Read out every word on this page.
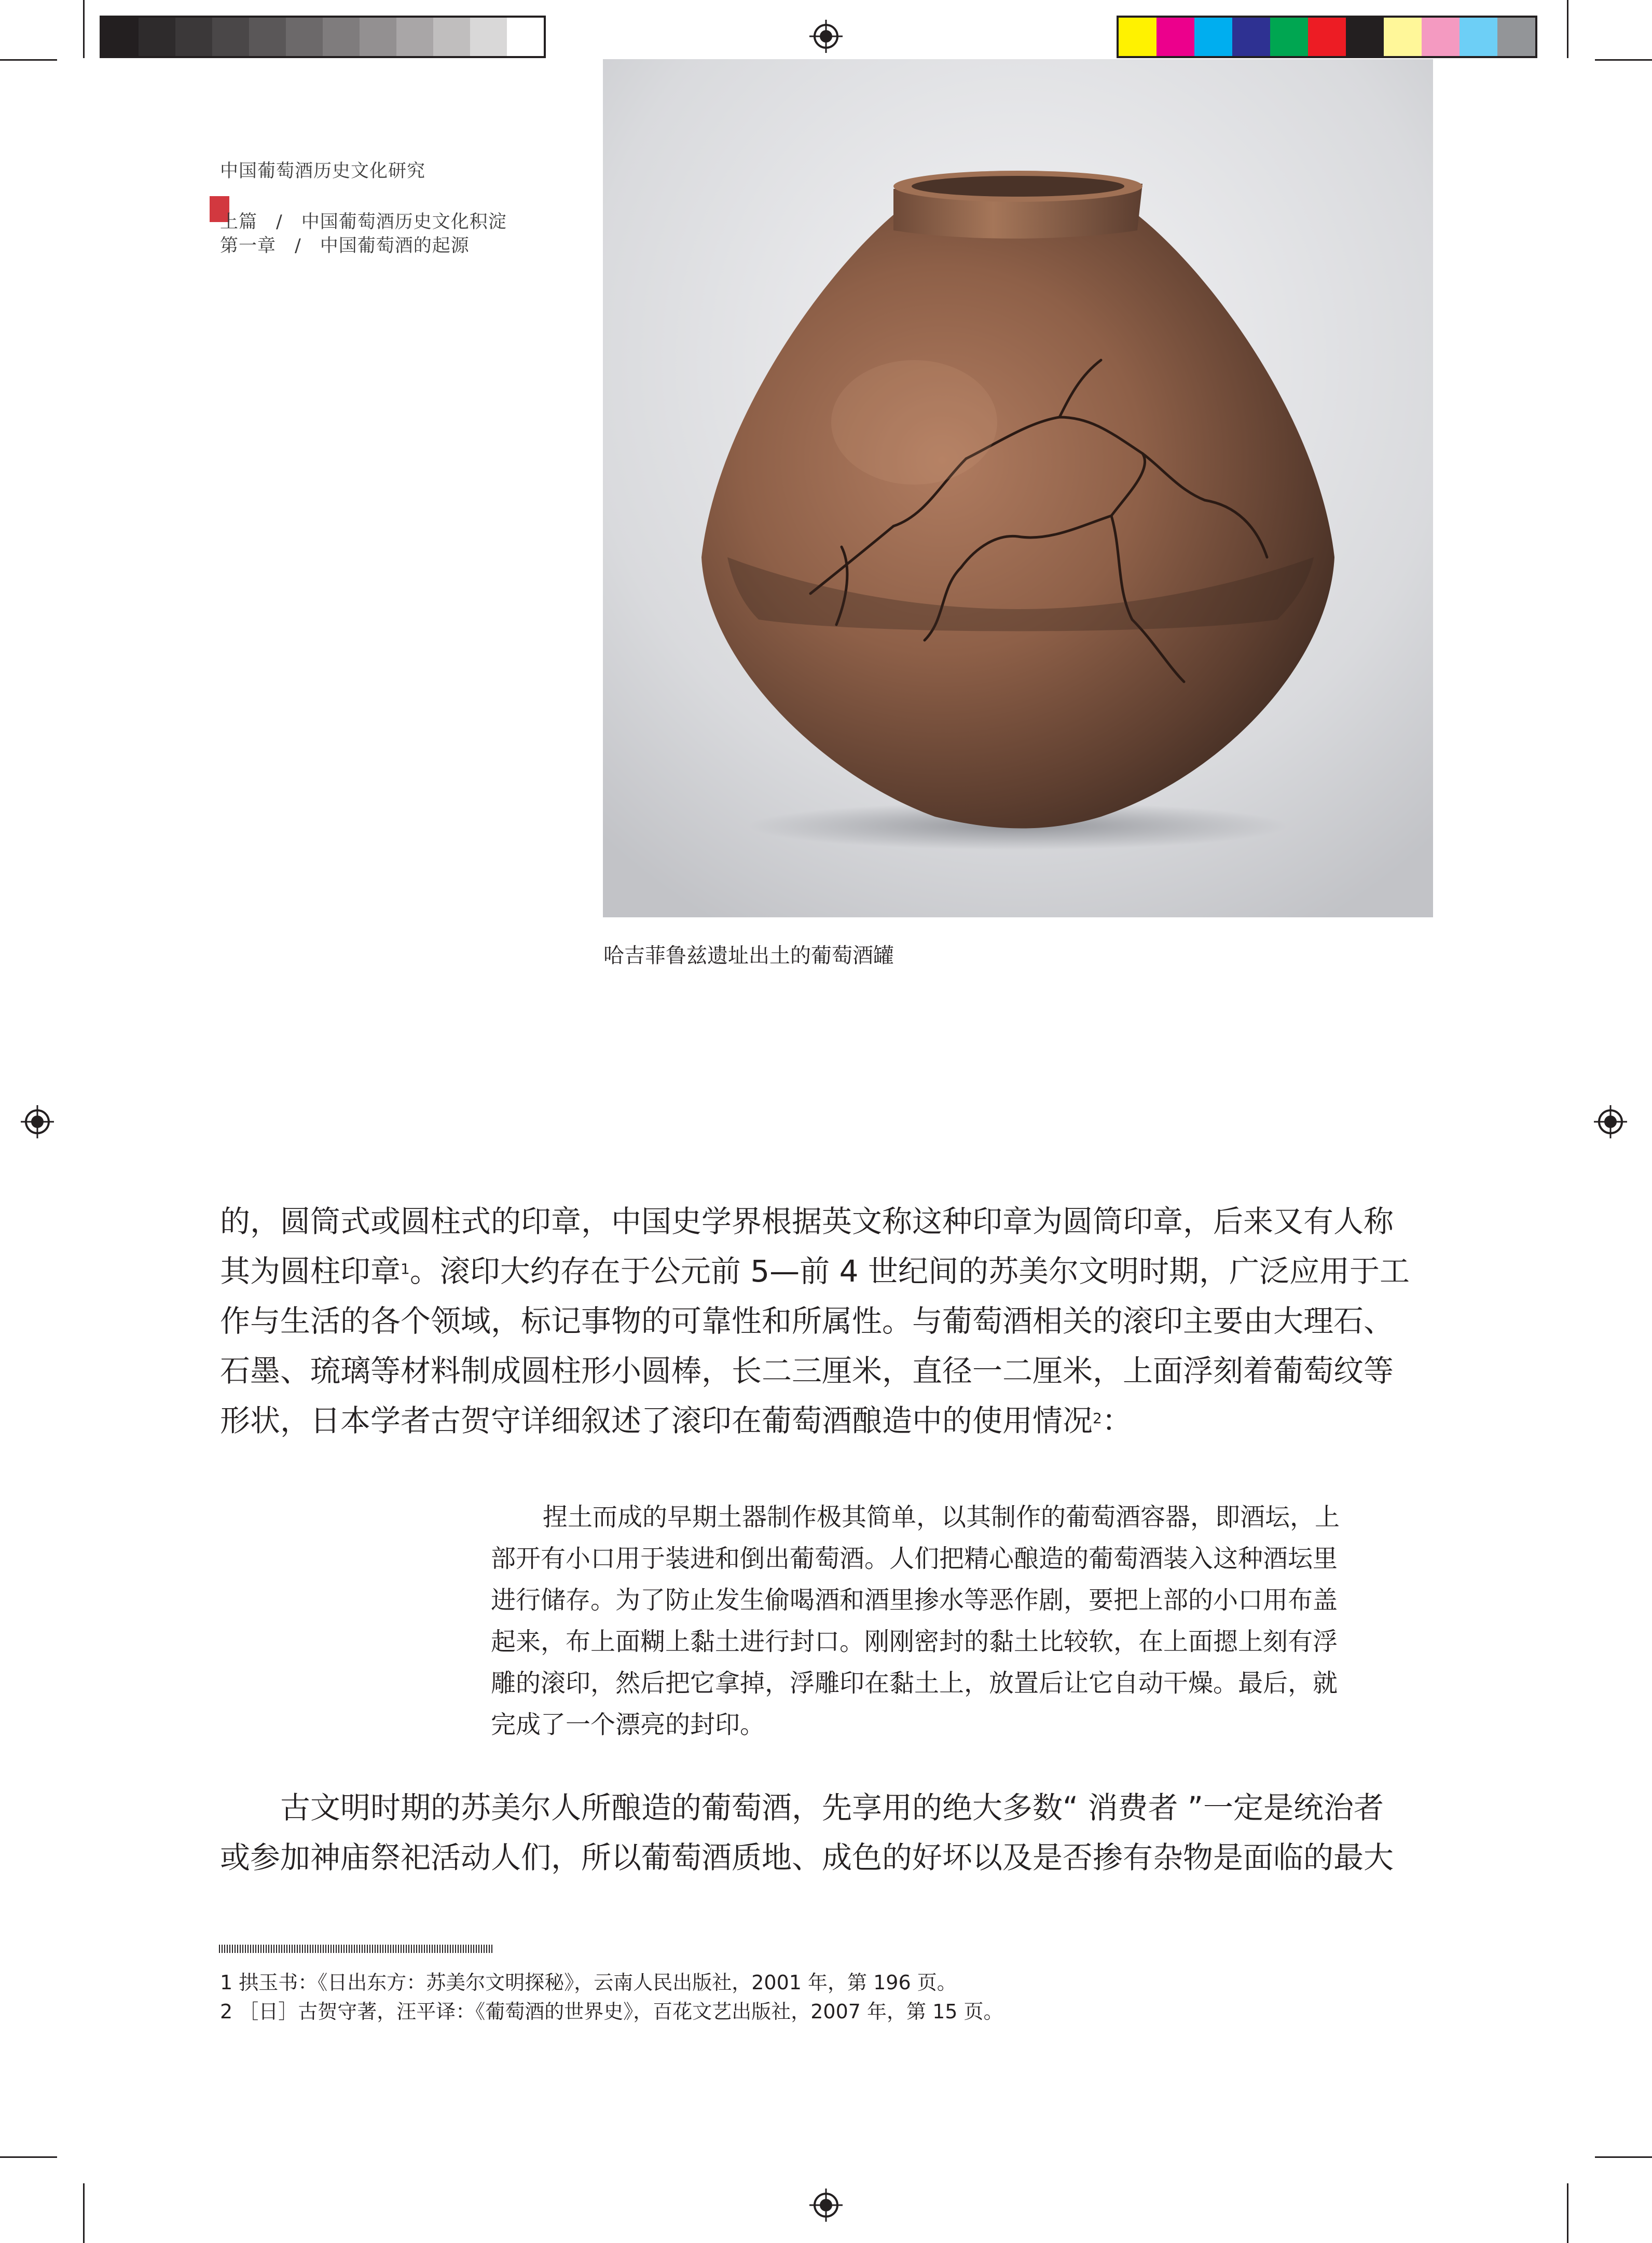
中国葡萄酒历史文化研究
上篇　/　中国葡萄酒历史文化积淀
第一章　/　中国葡萄酒的起源
哈吉菲鲁兹遗址出土的葡萄酒罐
的，圆筒式或圆柱式的印章，中国史学界根据英文称这种印章为圆筒印章，后来又有人称
其为圆柱印章$^1$。滚印大约存在于公元前 5—前 4 世纪间的苏美尔文明时期，广泛应用于工
作与生活的各个领域，标记事物的可靠性和所属性。与葡萄酒相关的滚印主要由大理石、
石墨、琉璃等材料制成圆柱形小圆棒，长二三厘米，直径一二厘米，上面浮刻着葡萄纹等
形状，日本学者古贺守详细叙述了滚印在葡萄酒酿造中的使用情况$^2$：
捏土而成的早期土器制作极其简单，以其制作的葡萄酒容器，即酒坛，上
部开有小口用于装进和倒出葡萄酒。人们把精心酿造的葡萄酒装入这种酒坛里
进行储存。为了防止发生偷喝酒和酒里掺水等恶作剧，要把上部的小口用布盖
起来，布上面糊上黏土进行封口。刚刚密封的黏土比较软，在上面摁上刻有浮
雕的滚印，然后把它拿掉，浮雕印在黏土上，放置后让它自动干燥。最后，就
完成了一个漂亮的封印。
古文明时期的苏美尔人所酿造的葡萄酒，先享用的绝大多数“ 消费者 ”一定是统治者
或参加神庙祭祀活动人们，所以葡萄酒质地、成色的好坏以及是否掺有杂物是面临的最大
1 拱玉书：《日出东方：苏美尔文明探秘》，云南人民出版社，2001 年，第 196 页。
2 ［日］古贺守著，汪平译：《葡萄酒的世界史》，百花文艺出版社，2007 年，第 15 页。
